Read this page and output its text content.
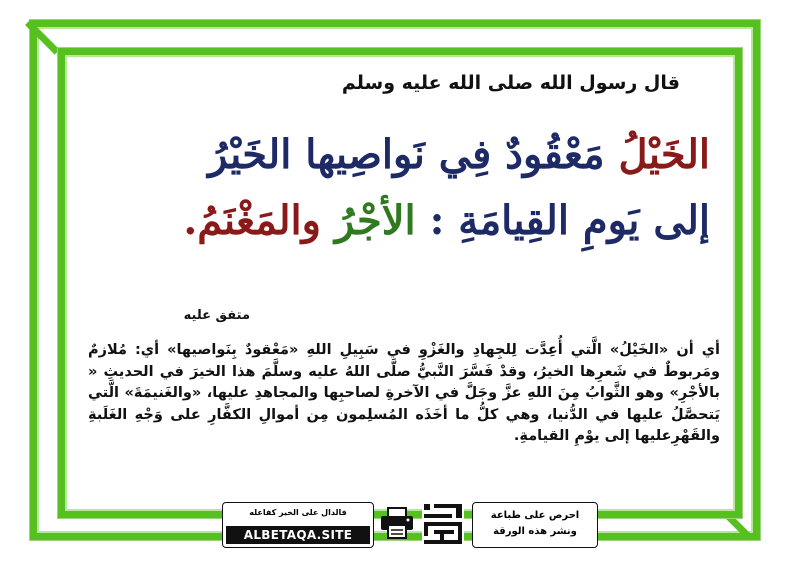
قال رسول الله صلى الله عليه وسلم
الخَيْلُ مَعْقُودٌ فِي نَواصِيها الخَيْرُ
إلى يَومِ القِيامَةِ : الأجْرُ والمَغْنَمُ.
متفق عليه
أي أن «الخَيْلُ» الَّتي أُعِدَّت لِلجِهادِ والغَزْوِ في سَبِيلِ اللهِ «مَعْقودٌ بِنَواصيها» أي: مُلازمٌ ومَربوطٌ في شَعرِها الخيرُ، وقدْ فَسَّرَ النَّبيُّ صلَّى اللهُ عليه وسلَّمَ هذا الخيرَ في الحديثِ « بالأجْرِ» وهو الثَّوابُ مِنَ اللهِ عزَّ وجَلَّ في الآخرةِ لصاحبِها والمجاهدِ عليها، «والغَنيمَةَ» الَّتي يَتحصَّلُ عليها في الدُّنيا، وهي كلُّ ما أخَذَه المُسلِمون مِن أموالِ الكفَّارِ على وَجْهِ الغَلَبةِ والقَهْرِعليها إلى يوْمِ القيامةِ.
فالدال على الخير كفاعله
ALBETAQA.SITE
احرص على طباعة
ونشر هذه الورقة
